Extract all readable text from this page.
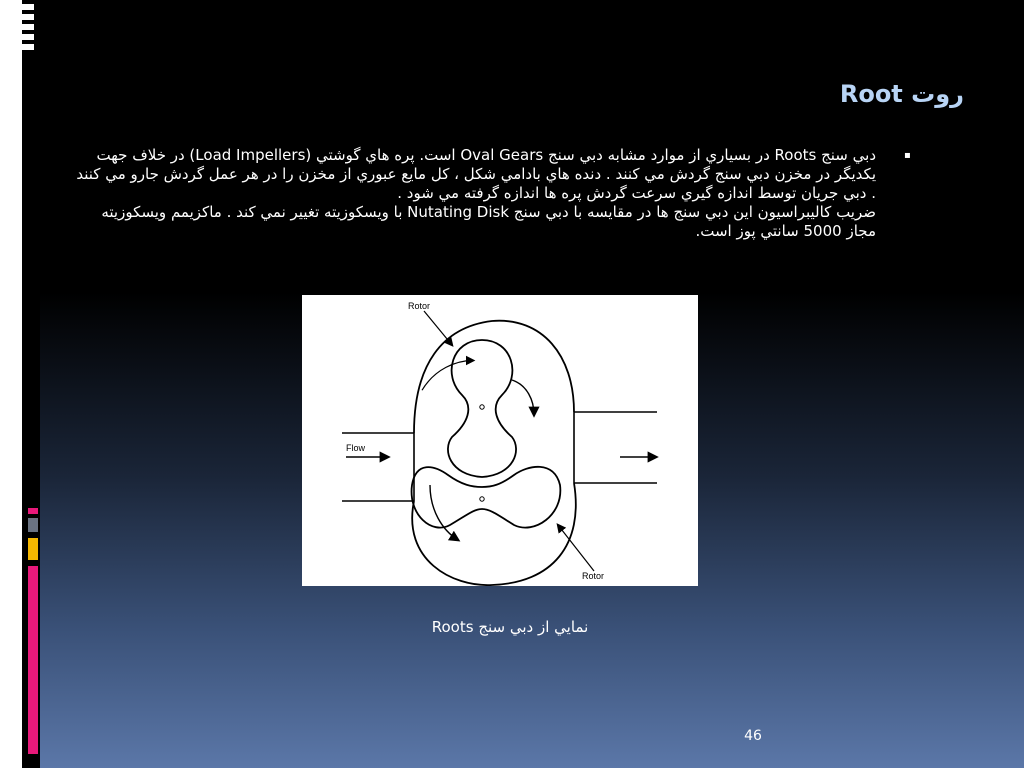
روت Root
▪

دبي سنج Roots در بسياري از موارد مشابه دبي سنج Oval Gears است. پره هاي گوشتي (Load Impellers) در خلاف جهت يكديگر در مخزن دبي سنج گردش مي كنند . دنده هاي بادامي شكل ، كل مايع عبوري از مخزن را در هر عمل گردش جارو مي كنند . دبي جريان توسط اندازه گيري سرعت گردش پره ها اندازه گرفته مي شود .

ضريب كاليبراسيون اين دبي سنج ها در مقايسه با دبي سنج Nutating Disk با ويسكوزيته تغيير نمي كند . ماكزيمم ويسكوزيته مجاز 5000 سانتي پوز است.

Rotor
Rotor
Flow
نمايي از دبي سنج Roots
46
